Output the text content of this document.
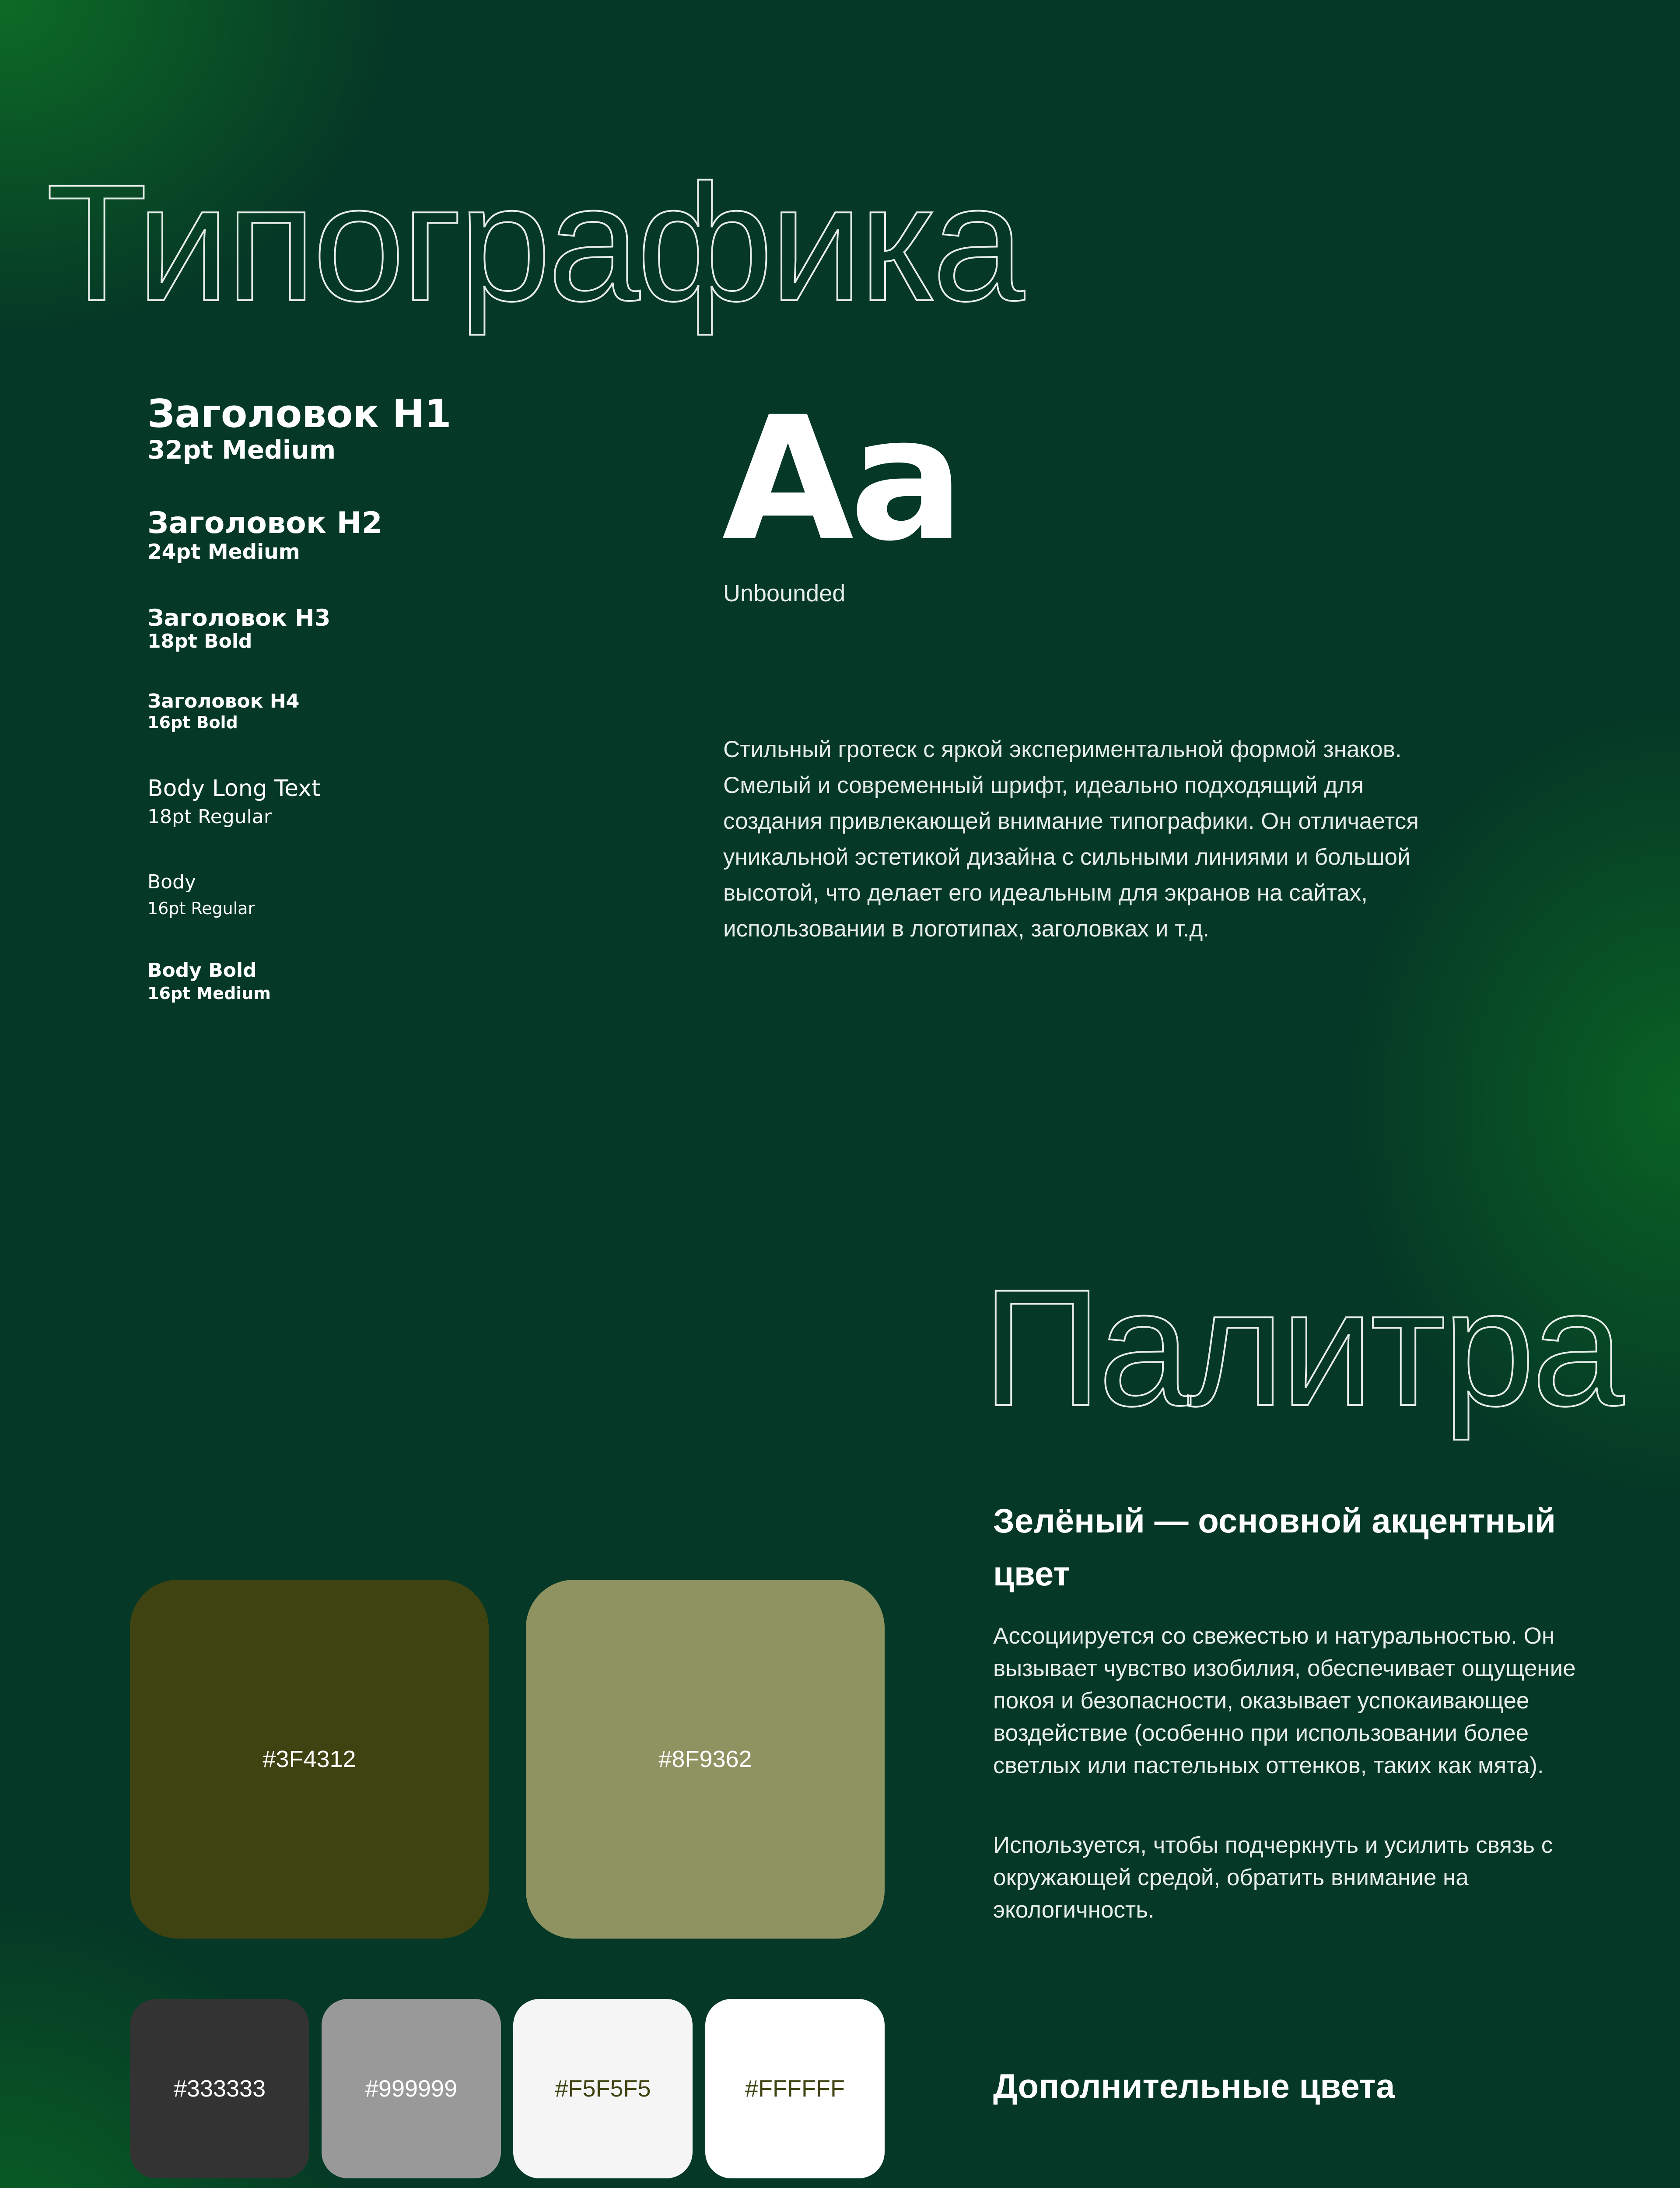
Типографика
Заголовок H1
32pt Medium
Заголовок H2
24pt Medium
Заголовок H3
18pt Bold
Заголовок H4
16pt Bold
Body Long Text
18pt Regular
Body
16pt Regular
Body Bold
16pt Medium
Aa
Unbounded
Стильный гротеск с яркой экспериментальной формой знаков. Смелый и современный шрифт, идеально подходящий для создания привлекающей внимание типографики. Он отличается уникальной эстетикой дизайна с сильными линиями и большой высотой, что делает его идеальным для экранов на сайтах, использовании в логотипах, заголовках и т.д.
Палитра
#3F4312	#8F9362
#333333	#999999	#F5F5F5	#FFFFFF
Зелёный — основной акцентный цвет
Ассоциируется со свежестью и натуральностью. Он вызывает чувство изобилия, обеспечивает ощущение покоя и безопасности, оказывает успокаивающее воздействие (особенно при использовании более светлых или пастельных оттенков, таких как мята).
Используется, чтобы подчеркнуть и усилить связь с окружающей средой, обратить внимание на экологичность.
Дополнительные цвета
